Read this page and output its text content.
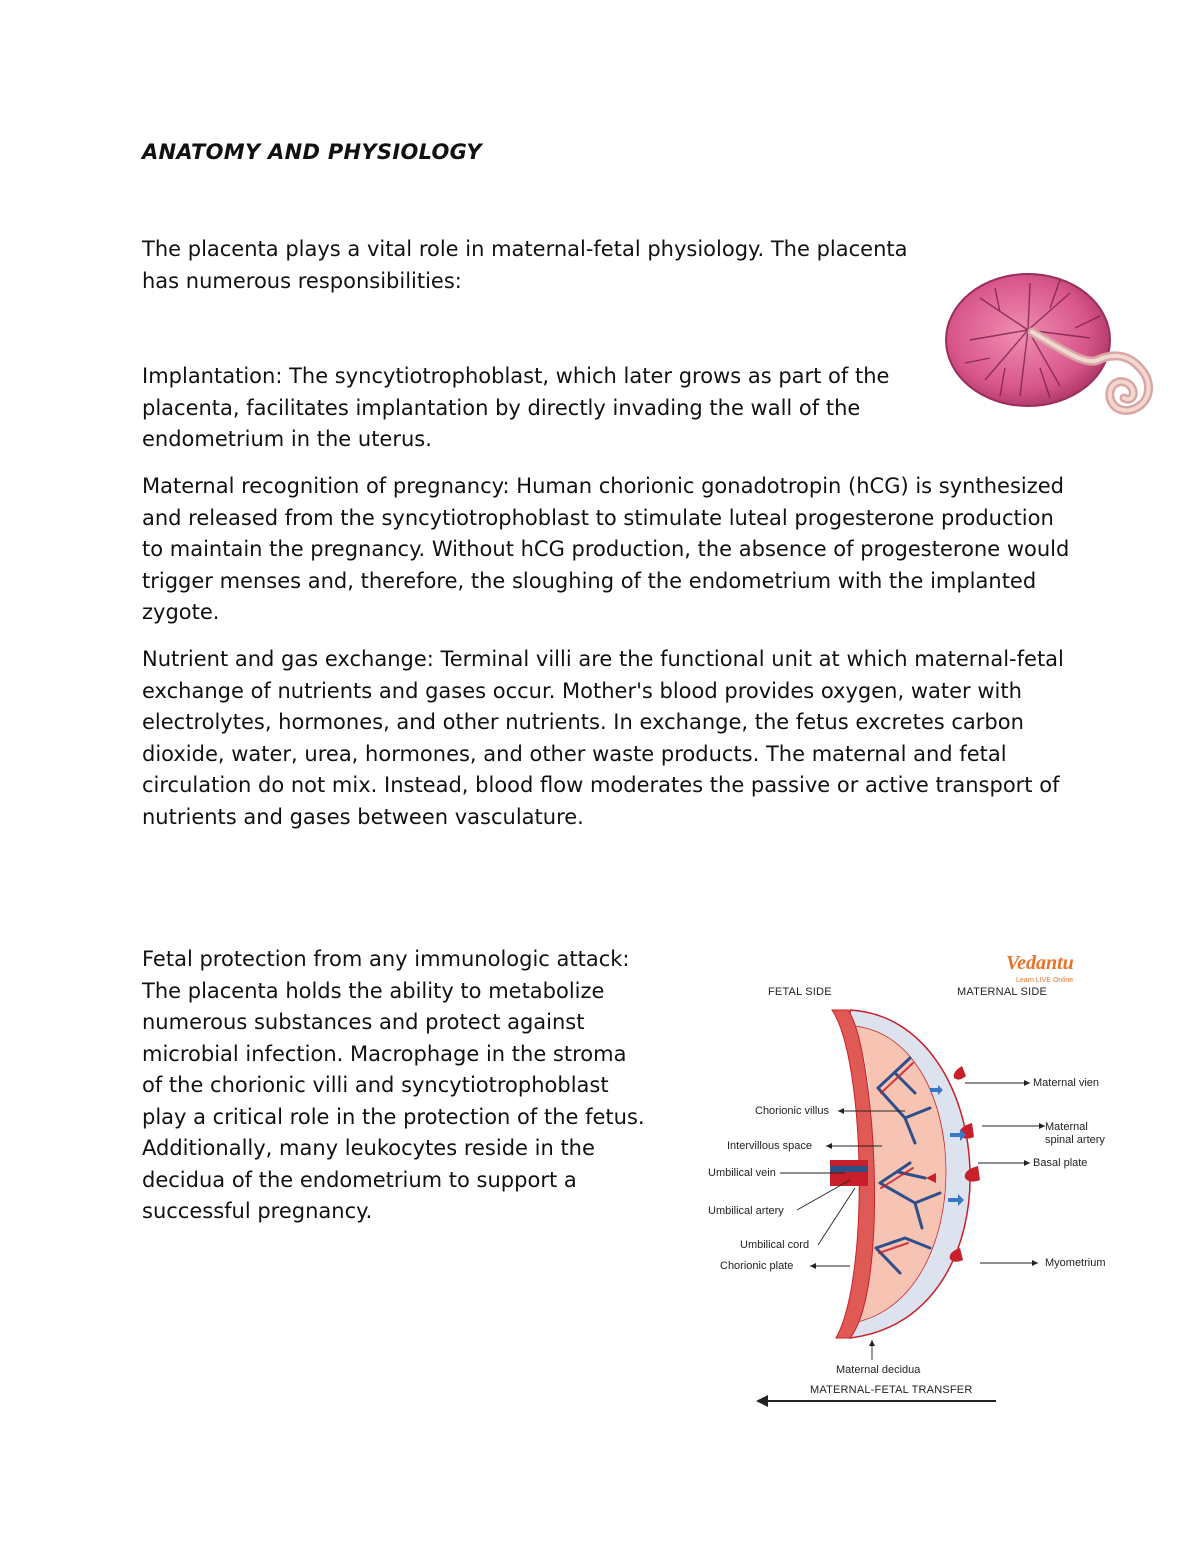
ANATOMY AND PHYSIOLOGY

The placenta plays a vital role in maternal-fetal physiology. The placenta has numerous responsibilities:

Implantation: The syncytiotrophoblast, which later grows as part of the placenta, facilitates implantation by directly invading the wall of the endometrium in the uterus.

Maternal recognition of pregnancy: Human chorionic gonadotropin (hCG) is synthesized and released from the syncytiotrophoblast to stimulate luteal progesterone production to maintain the pregnancy. Without hCG production, the absence of progesterone would trigger menses and, therefore, the sloughing of the endometrium with the implanted zygote.

Nutrient and gas exchange: Terminal villi are the functional unit at which maternal-fetal exchange of nutrients and gases occur. Mother's blood provides oxygen, water with electrolytes, hormones, and other nutrients. In exchange, the fetus excretes carbon dioxide, water, urea, hormones, and other waste products. The maternal and fetal circulation do not mix. Instead, blood flow moderates the passive or active transport of nutrients and gases between vasculature.

Fetal protection from any immunologic attack: The placenta holds the ability to metabolize numerous substances and protect against microbial infection. Macrophage in the stroma of the chorionic villi and syncytiotrophoblast play a critical role in the protection of the fetus. Additionally, many leukocytes reside in the decidua of the endometrium to support a successful pregnancy.

Vedantu
Learn LIVE Online
FETAL SIDE	MATERNAL SIDE
Chorionic villus
Intervillous space
Umbilical vein
Umbilical artery
Umbilical cord
Chorionic plate
Maternal vien
Maternal
spinal artery
Basal plate
Myometrium
Maternal decidua
MATERNAL-FETAL TRANSFER
